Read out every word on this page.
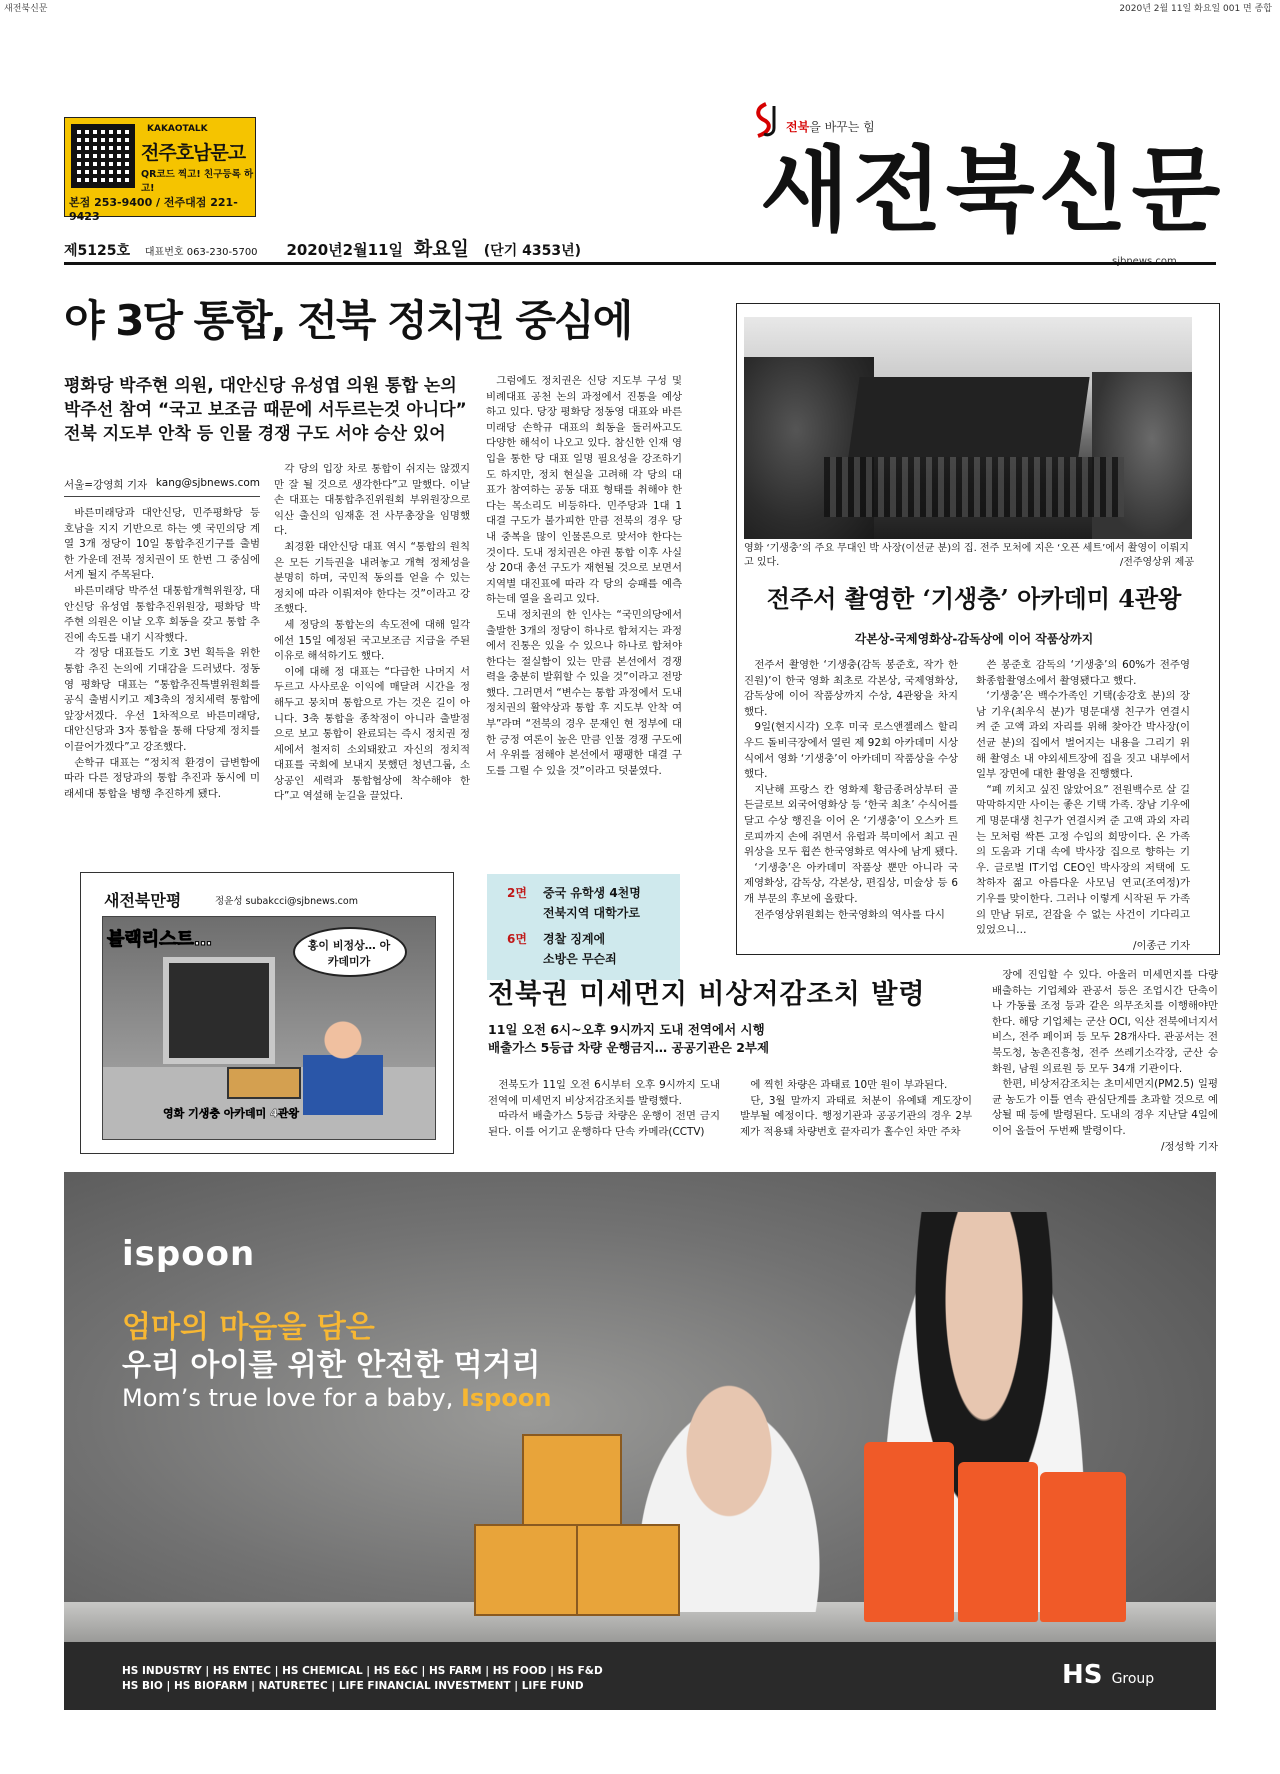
새전북신문	2020년 2월 11일 화요일 001 면 종합
KAKAOTALK
전주호남문고
QR코드 찍고! 친구등록 하고!
본점 253-9400 / 전주대점 221-9423
전북을 바꾸는 힘
새전북신문
제5125호 대표번호 063-230-5700 2020년2월11일 화요일 (단기 4353년)
야 3당 통합, 전북 정치권 중심에
평화당 박주현 의원, 대안신당 유성엽 의원 통합 논의
박주선 참여 “국고 보조금 때문에 서두르는것 아니다”
전북 지도부 안착 등 인물 경쟁 구도 서야 승산 있어
서울=강영희 기자 kang@sjbnews.com

바른미래당과 대안신당, 민주평화당 등 호남을 지지 기반으로 하는 옛 국민의당 계열 3개 정당이 10일 통합추진기구를 출범한 가운데 전북 정치권이 또 한번 그 중심에 서게 될지 주목된다.

바른미래당 박주선 대통합개혁위원장, 대안신당 유성엽 통합추진위원장, 평화당 박주현 의원은 이날 오후 회동을 갖고 통합 추진에 속도를 내기 시작했다.

각 정당 대표들도 기호 3번 획득을 위한 통합 추진 논의에 기대감을 드러냈다. 정동영 평화당 대표는 “통합추진특별위원회를 공식 출범시키고 제3축의 정치세력 통합에 앞장서겠다. 우선 1차적으로 바른미래당, 대안신당과 3자 통합을 통해 다당제 정치를 이끌어가겠다”고 강조했다.

손학규 대표는 “정치적 환경이 급변함에 따라 다른 정당과의 통합 추진과 동시에 미래세대 통합을 병행 추진하게 됐다.

각 당의 입장 차로 통합이 쉬지는 않겠지만 잘 될 것으로 생각한다”고 말했다. 이날 손 대표는 대통합추진위원회 부위원장으로 익산 출신의 임재훈 전 사무총장을 임명했다.

최경환 대안신당 대표 역시 “통합의 원칙은 모든 기득권을 내려놓고 개혁 정체성을 분명히 하며, 국민적 동의를 얻을 수 있는 정치에 따라 이뤄져야 한다는 것”이라고 강조했다.

세 정당의 통합논의 속도전에 대해 일각에선 15일 예정된 국고보조금 지급을 주된 이유로 해석하기도 했다.

이에 대해 정 대표는 “다급한 나머지 서두르고 사사로운 이익에 매달려 시간을 정해두고 뭉치며 통합으로 가는 것은 길이 아니다. 3축 통합을 종착점이 아니라 출발점으로 보고 통합이 완료되는 즉시 정치권 정세에서 철저히 소외돼왔고 자신의 정치적 대표를 국회에 보내지 못했던 청년그룹, 소상공인 세력과 통합협상에 착수해야 한다”고 역설해 눈길을 끌었다.

그럼에도 정치권은 신당 지도부 구성 및 비례대표 공천 논의 과정에서 진통을 예상하고 있다. 당장 평화당 정동영 대표와 바른미래당 손학규 대표의 회동을 둘러싸고도 다양한 해석이 나오고 있다. 참신한 인재 영입을 통한 당 대표 일명 필요성을 강조하기도 하지만, 정치 현실을 고려해 각 당의 대표가 참여하는 공동 대표 형태를 취해야 한다는 목소리도 비등하다. 민주당과 1대 1 대결 구도가 불가피한 만큼 전북의 경우 당내 중복을 많이 인물론으로 맞서야 한다는 것이다. 도내 정치권은 야권 통합 이후 사실상 20대 총선 구도가 재현될 것으로 보면서 지역별 대진표에 따라 각 당의 승패를 예측하는데 열을 올리고 있다.

도내 정치권의 한 인사는 “국민의당에서 출발한 3개의 정당이 하나로 합쳐지는 과정에서 진통은 있을 수 있으나 하나로 합쳐야 한다는 절실함이 있는 만큼 본선에서 경쟁력을 충분히 발휘할 수 있을 것”이라고 전망했다. 그러면서 “변수는 통합 과정에서 도내 정치권의 활약상과 통합 후 지도부 안착 여부”라며 “전북의 경우 문재인 현 정부에 대한 긍정 여론이 높은 만큼 인물 경쟁 구도에서 우위를 점해야 본선에서 팽팽한 대결 구도를 그릴 수 있을 것”이라고 덧붙였다.

영화 ‘기생충’의 주요 무대인 박 사장(이선균 분)의 집. 전주 모처에 지은 ‘오픈 세트’에서 촬영이 이뤄지고 있다.	/전주영상위 제공
전주서 촬영한 ‘기생충’ 아카데미 4관왕
각본상-국제영화상-감독상에 이어 작품상까지

전주서 촬영한 ‘기생충(감독 봉준호, 작가 한진원)’이 한국 영화 최초로 각본상, 국제영화상, 감독상에 이어 작품상까지 수상, 4관왕을 차지했다.

9일(현지시각) 오후 미국 로스앤젤레스 할리우드 돌비극장에서 열린 제 92회 아카데미 시상식에서 영화 ‘기생충’이 아카데미 작품상을 수상했다.

지난해 프랑스 칸 영화제 황금종려상부터 골든글로브 외국어영화상 등 ‘한국 최초’ 수식어를 달고 수상 행진을 이어 온 ‘기생충’이 오스카 트로피까지 손에 쥐면서 유럽과 북미에서 최고 권위상을 모두 휩쓴 한국영화로 역사에 남게 됐다.

‘기생충’은 아카데미 작품상 뿐만 아니라 국제영화상, 감독상, 각본상, 편집상, 미술상 등 6개 부문의 후보에 올랐다.

전주영상위원회는 한국영화의 역사를 다시

쓴 봉준호 감독의 ‘기생충’의 60%가 전주영화종합촬영소에서 촬영됐다고 했다.

‘기생충’은 백수가족인 기택(송강호 분)의 장남 기우(최우식 분)가 명문대생 친구가 연결시켜 준 고액 과외 자리를 위해 찾아간 박사장(이선균 분)의 집에서 벌어지는 내용을 그리기 위해 촬영소 내 야외세트장에 집을 짓고 내부에서 일부 장면에 대한 촬영을 진행했다.

“폐 끼치고 싶진 않았어요” 전원백수로 살 길 막막하지만 사이는 좋은 기택 가족. 장남 기우에게 명문대생 친구가 연결시켜 준 고액 과외 자리는 모처럼 싹튼 고정 수입의 희망이다. 온 가족의 도움과 기대 속에 박사장 집으로 향하는 기우. 글로벌 IT기업 CEO인 박사장의 저택에 도착하자 젊고 아름다운 사모님 연교(조여정)가 기우를 맞이한다. 그러나 이렇게 시작된 두 가족의 만남 뒤로, 걷잡을 수 없는 사건이 기다리고 있었으니…

/이종근 기자
새전북만평	정윤성 subakcci@sjbnews.com
블랙리스트…	홍이 비정상… 아카데미가
영화 기생충 아카데미 4관왕
2면 중국 유학생 4천명
전북지역 대학가로
6면 경찰 징계에
소방은 무슨죄
전북권 미세먼지 비상저감조치 발령
11일 오전 6시~오후 9시까지 도내 전역에서 시행
배출가스 5등급 차량 운행금지… 공공기관은 2부제

전북도가 11일 오전 6시부터 오후 9시까지 도내 전역에 미세먼지 비상저감조치를 발령했다.

따라서 배출가스 5등급 차량은 운행이 전면 금지된다. 이를 어기고 운행하다 단속 카메라(CCTV)

에 찍힌 차량은 과태료 10만 원이 부과된다.

단, 3월 말까지 과태료 처분이 유예돼 계도장이 발부될 예정이다. 행정기관과 공공기관의 경우 2부제가 적용돼 차량번호 끝자리가 홀수인 차만 주차

장에 진입할 수 있다. 아울러 미세먼지를 다량 배출하는 기업체와 관공서 등은 조업시간 단축이나 가동률 조정 등과 같은 의무조치를 이행해야만 한다. 해당 기업체는 군산 OCI, 익산 전북에너지서비스, 전주 페이퍼 등 모두 28개사다. 관공서는 전북도청, 농촌진흥청, 전주 쓰레기소각장, 군산 승화원, 남원 의료원 등 모두 34개 기관이다.

한편, 비상저감조치는 초미세먼지(PM2.5) 일평균 농도가 이틀 연속 관심단계를 초과할 것으로 예상될 때 등에 발령된다. 도내의 경우 지난달 4일에 이어 올들어 두번째 발령이다.

/정성학 기자
ispoon
엄마의 마음을 담은
우리 아이를 위한 안전한 먹거리
Mom’s true love for a baby, Ispoon
HS INDUSTRY | HS ENTEC | HS CHEMICAL | HS E&C | HS FARM | HS FOOD | HS F&D
HS BIO | HS BIOFARM | NATURETEC | LIFE FINANCIAL INVESTMENT | LIFE FUND	HS Group
